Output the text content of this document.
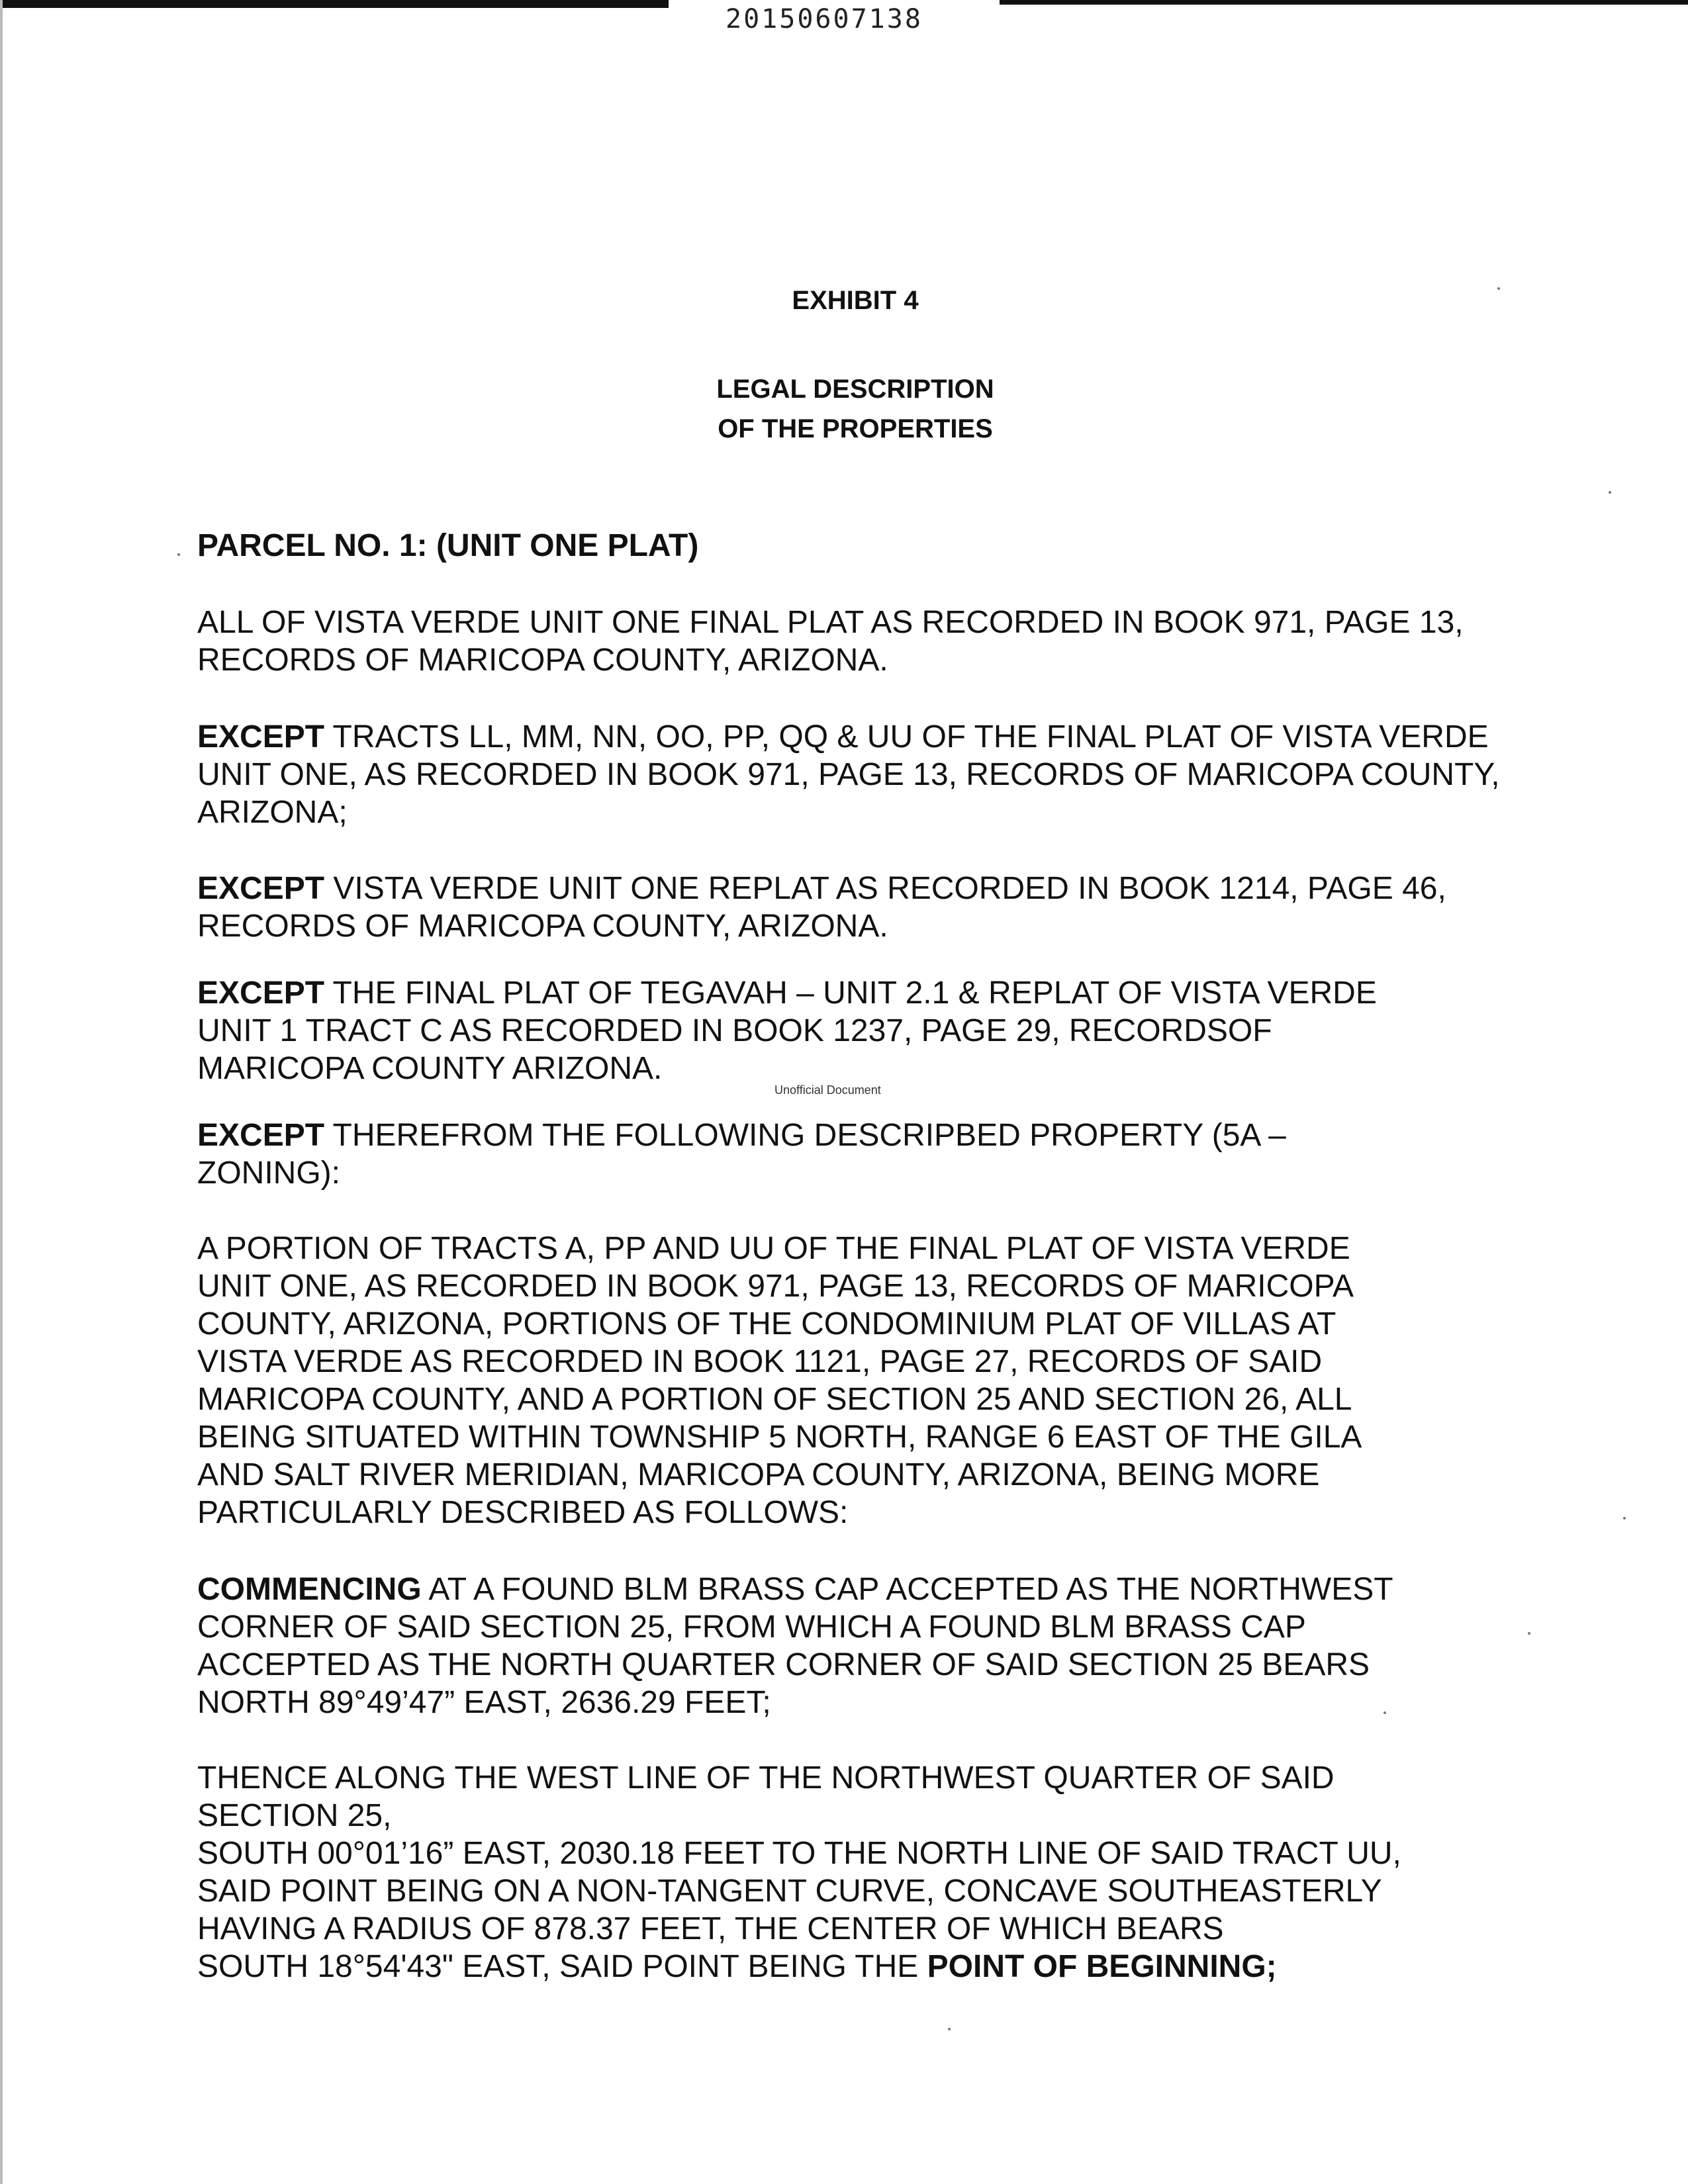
20150607138
EXHIBIT 4
LEGAL DESCRIPTION
OF THE PROPERTIES
PARCEL NO. 1: (UNIT ONE PLAT)
ALL OF VISTA VERDE UNIT ONE FINAL PLAT AS RECORDED IN BOOK 971, PAGE 13, RECORDS OF MARICOPA COUNTY, ARIZONA.
EXCEPT TRACTS LL, MM, NN, OO, PP, QQ & UU OF THE FINAL PLAT OF VISTA VERDE UNIT ONE, AS RECORDED IN BOOK 971, PAGE 13, RECORDS OF MARICOPA COUNTY, ARIZONA;
EXCEPT VISTA VERDE UNIT ONE REPLAT AS RECORDED IN BOOK 1214, PAGE 46, RECORDS OF MARICOPA COUNTY, ARIZONA.
EXCEPT THE FINAL PLAT OF TEGAVAH – UNIT 2.1 & REPLAT OF VISTA VERDE
UNIT 1 TRACT C AS RECORDED IN BOOK 1237, PAGE 29, RECORDSOF
MARICOPA COUNTY ARIZONA.
Unofficial Document
EXCEPT THEREFROM THE FOLLOWING DESCRIPBED PROPERTY (5A –
ZONING):
A PORTION OF TRACTS A, PP AND UU OF THE FINAL PLAT OF VISTA VERDE
UNIT ONE, AS RECORDED IN BOOK 971, PAGE 13, RECORDS OF MARICOPA
COUNTY, ARIZONA, PORTIONS OF THE CONDOMINIUM PLAT OF VILLAS AT
VISTA VERDE AS RECORDED IN BOOK 1121, PAGE 27, RECORDS OF SAID
MARICOPA COUNTY, AND A PORTION OF SECTION 25 AND SECTION 26, ALL
BEING SITUATED WITHIN TOWNSHIP 5 NORTH, RANGE 6 EAST OF THE GILA
AND SALT RIVER MERIDIAN, MARICOPA COUNTY, ARIZONA, BEING MORE
PARTICULARLY DESCRIBED AS FOLLOWS:
COMMENCING AT A FOUND BLM BRASS CAP ACCEPTED AS THE NORTHWEST
CORNER OF SAID SECTION 25, FROM WHICH A FOUND BLM BRASS CAP
ACCEPTED AS THE NORTH QUARTER CORNER OF SAID SECTION 25 BEARS
NORTH 89°49’47” EAST, 2636.29 FEET;
THENCE ALONG THE WEST LINE OF THE NORTHWEST QUARTER OF SAID
SECTION 25,
SOUTH 00°01’16” EAST, 2030.18 FEET TO THE NORTH LINE OF SAID TRACT UU,
SAID POINT BEING ON A NON-TANGENT CURVE, CONCAVE SOUTHEASTERLY
HAVING A RADIUS OF 878.37 FEET, THE CENTER OF WHICH BEARS
SOUTH 18°54'43" EAST, SAID POINT BEING THE POINT OF BEGINNING;
